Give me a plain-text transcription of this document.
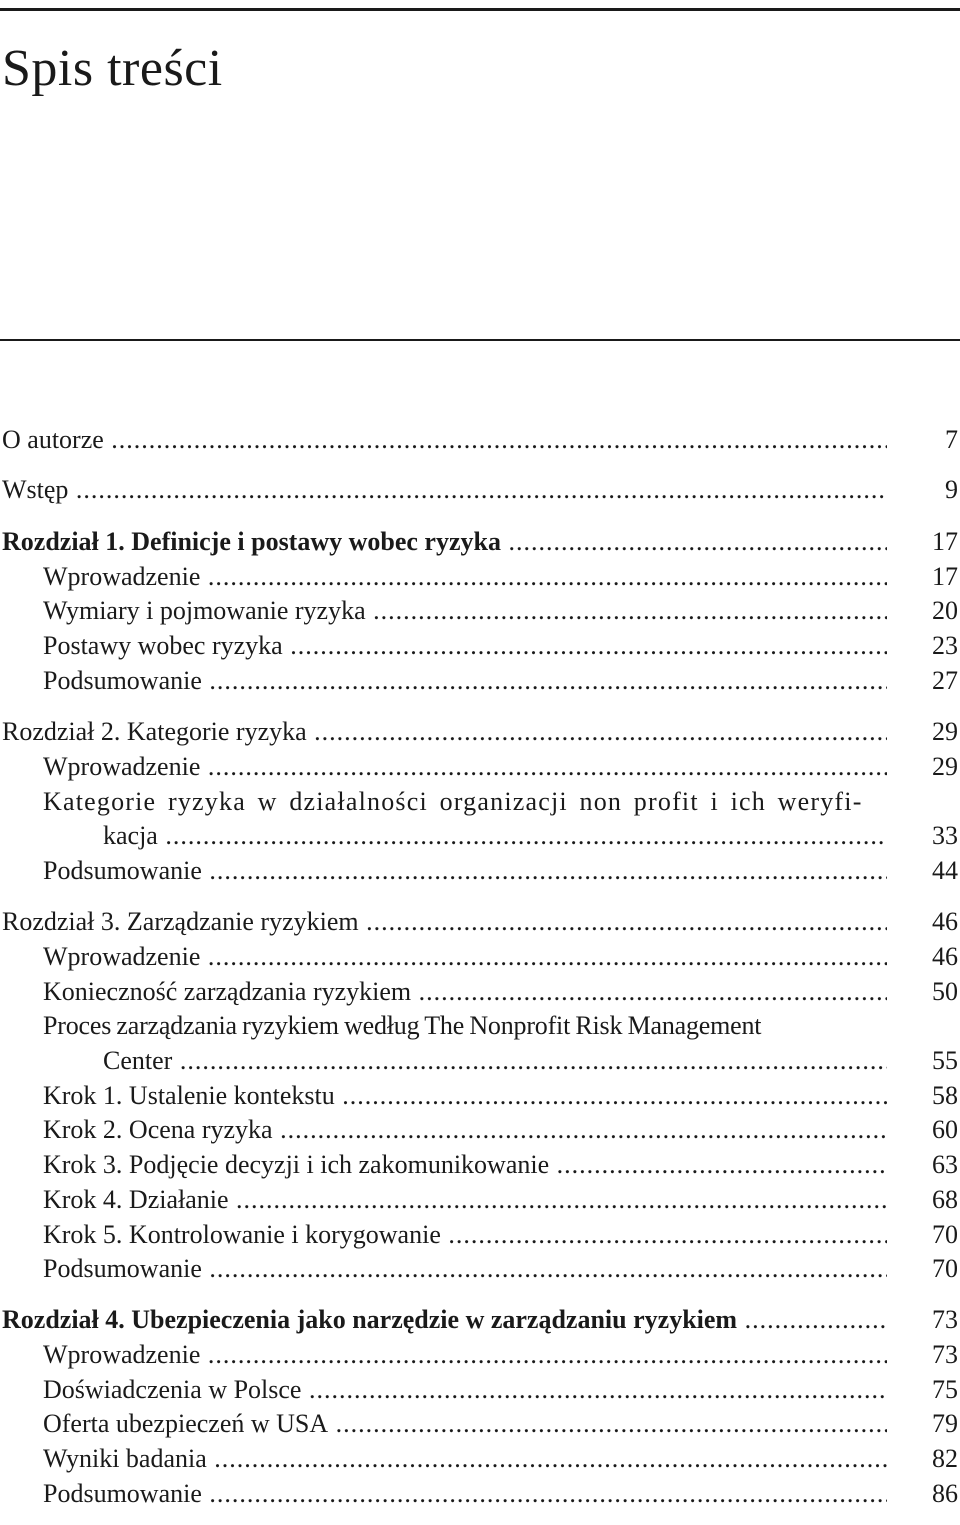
Spis treści
O autorze .....	7
Wstęp .....	9
Rozdział 1. Definicje i postawy wobec ryzyka .....	17
Wprowadzenie .....	17
Wymiary i pojmowanie ryzyka .....	20
Postawy wobec ryzyka .....	23
Podsumowanie .....	27
Rozdział 2. Kategorie ryzyka .....	29
Wprowadzenie .....	29
Kategorie ryzyka w działalności organizacji non profit i ich weryfi-
kacja .....	33
Podsumowanie .....	44
Rozdział 3. Zarządzanie ryzykiem .....	46
Wprowadzenie .....	46
Konieczność zarządzania ryzykiem .....	50
Proces zarządzania ryzykiem według The Nonprofit Risk Management
Center .....	55
Krok 1. Ustalenie kontekstu .....	58
Krok 2. Ocena ryzyka .....	60
Krok 3. Podjęcie decyzji i ich zakomunikowanie .....	63
Krok 4. Działanie .....	68
Krok 5. Kontrolowanie i korygowanie .....	70
Podsumowanie .....	70
Rozdział 4. Ubezpieczenia jako narzędzie w zarządzaniu ryzykiem .....	73
Wprowadzenie .....	73
Doświadczenia w Polsce .....	75
Oferta ubezpieczeń w USA .....	79
Wyniki badania .....	82
Podsumowanie .....	86
